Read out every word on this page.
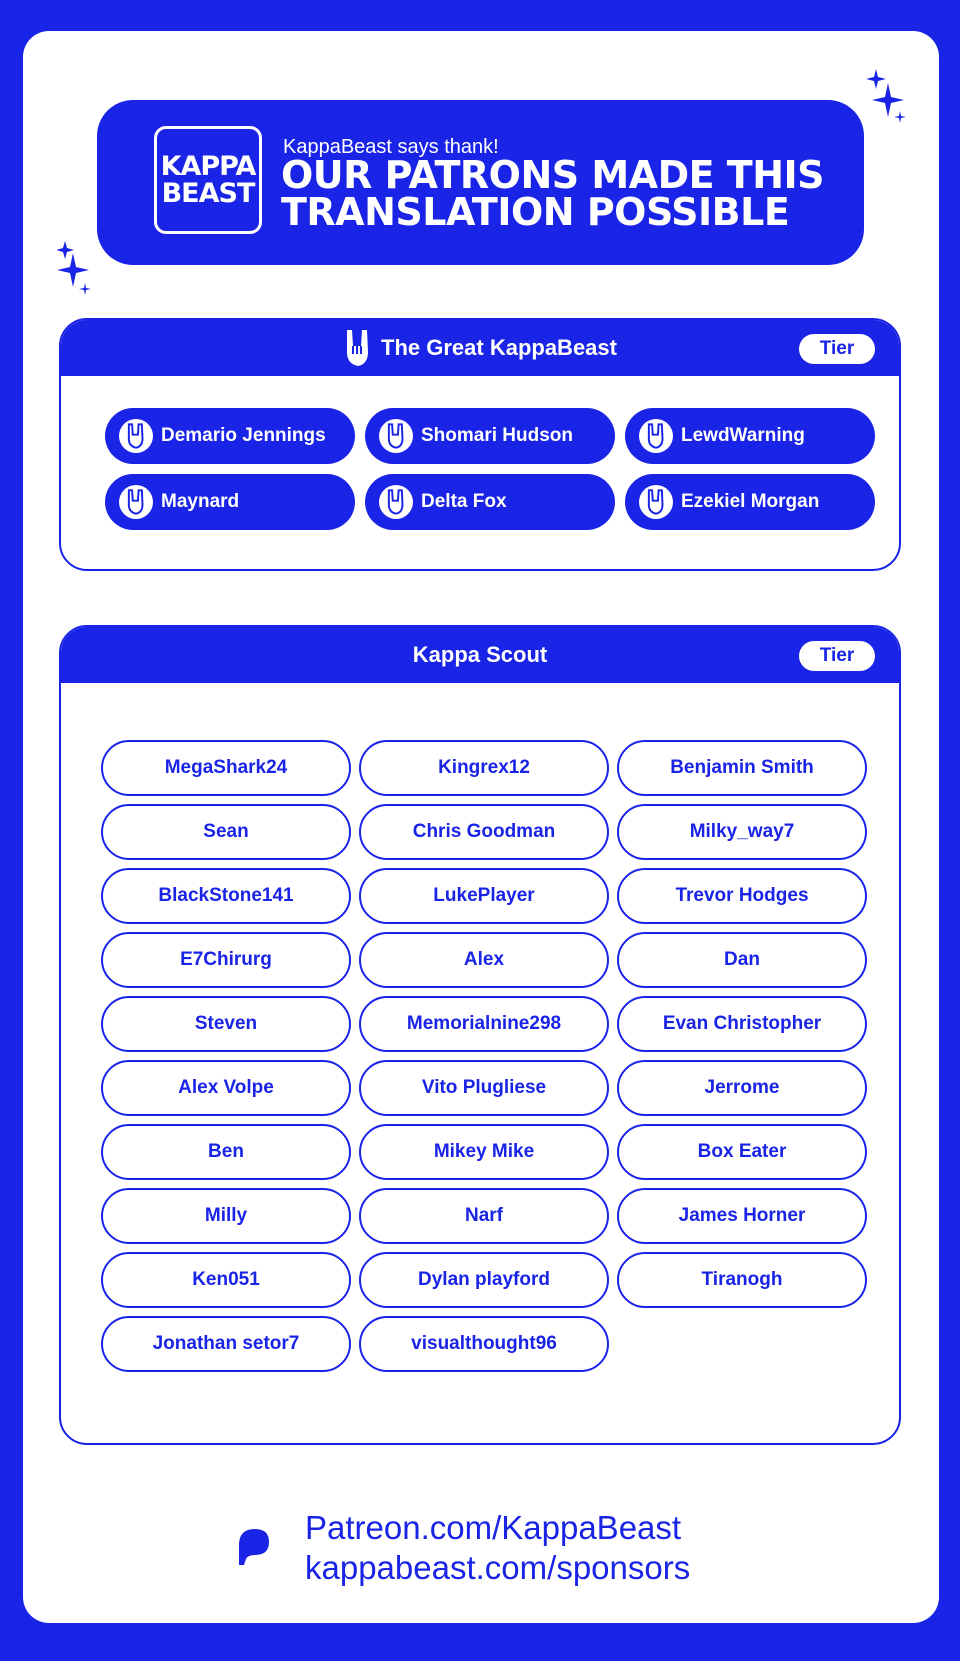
KAPPA
BEAST
KappaBeast says thank!
OUR PATRONS MADE THIS TRANSLATION POSSIBLE
The Great KappaBeast	Tier
Demario Jennings	Shomari Hudson	LewdWarning
Maynard	Delta Fox	Ezekiel Morgan
Kappa Scout	Tier
MegaShark24	Kingrex12	Benjamin Smith
Sean	Chris Goodman	Milky_way7
BlackStone141	LukePlayer	Trevor Hodges
E7Chirurg	Alex	Dan
Steven	Memorialnine298	Evan Christopher
Alex Volpe	Vito Plugliese	Jerrome
Ben	Mikey Mike	Box Eater
Milly	Narf	James Horner
Ken051	Dylan playford	Tiranogh
Jonathan setor7	visualthought96
Patreon.com/KappaBeast
kappabeast.com/sponsors
